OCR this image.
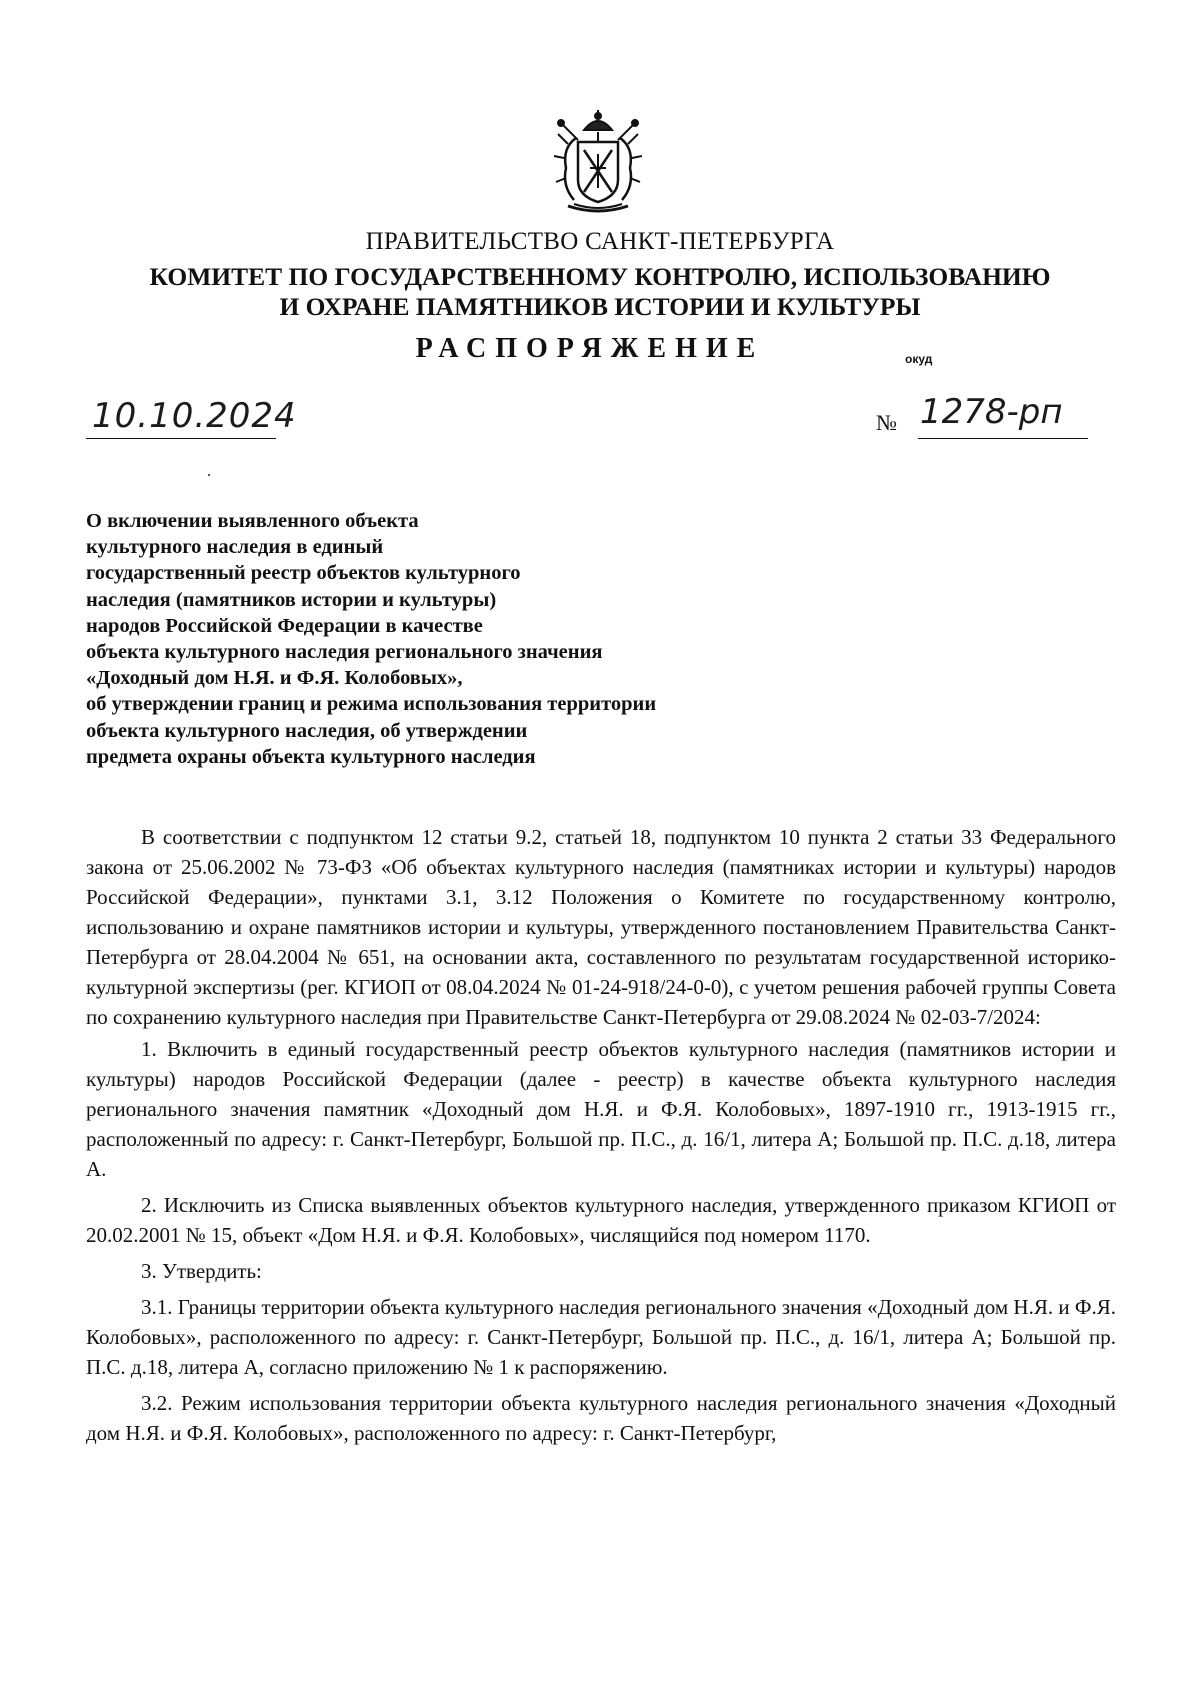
ПРАВИТЕЛЬСТВО САНКТ-ПЕТЕРБУРГА
КОМИТЕТ ПО ГОСУДАРСТВЕННОМУ КОНТРОЛЮ, ИСПОЛЬЗОВАНИЮ
И ОХРАНЕ ПАМЯТНИКОВ ИСТОРИИ И КУЛЬТУРЫ
РАСПОРЯЖЕНИЕ	окуд
10.10.2024	№ 1278-рп
О включении выявленного объекта
культурного наследия в единый
государственный реестр объектов культурного
наследия (памятников истории и культуры)
народов Российской Федерации в качестве
объекта культурного наследия регионального значения
«Доходный дом Н.Я. и Ф.Я. Колобовых»,
об утверждении границ и режима использования территории
объекта культурного наследия, об утверждении
предмета охраны объекта культурного наследия

В соответствии с подпунктом 12 статьи 9.2, статьей 18, подпунктом 10 пункта 2 статьи 33 Федерального закона от 25.06.2002 № 73-ФЗ «Об объектах культурного наследия (памятниках истории и культуры) народов Российской Федерации», пунктами 3.1, 3.12 Положения о Комитете по государственному контролю, использованию и охране памятников истории и культуры, утвержденного постановлением Правительства Санкт-Петербурга от 28.04.2004 № 651, на основании акта, составленного по результатам государственной историко-культурной экспертизы (рег. КГИОП от 08.04.2024 № 01-24-918/24-0-0), с учетом решения рабочей группы Совета по сохранению культурного наследия при Правительстве Санкт-Петербурга от 29.08.2024 № 02-03-7/2024:

1. Включить в единый государственный реестр объектов культурного наследия (памятников истории и культуры) народов Российской Федерации (далее - реестр) в качестве объекта культурного наследия регионального значения памятник «Доходный дом Н.Я. и Ф.Я. Колобовых», 1897-1910 гг., 1913-1915 гг., расположенный по адресу: г. Санкт-Петербург, Большой пр. П.С., д. 16/1, литера А; Большой пр. П.С. д.18, литера А.

2. Исключить из Списка выявленных объектов культурного наследия, утвержденного приказом КГИОП от 20.02.2001 № 15, объект «Дом Н.Я. и Ф.Я. Колобовых», числящийся под номером 1170.

3. Утвердить:

3.1. Границы территории объекта культурного наследия регионального значения «Доходный дом Н.Я. и Ф.Я. Колобовых», расположенного по адресу: г. Санкт-Петербург, Большой пр. П.С., д. 16/1, литера А; Большой пр. П.С. д.18, литера А, согласно приложению № 1 к распоряжению.

3.2. Режим использования территории объекта культурного наследия регионального значения «Доходный дом Н.Я. и Ф.Я. Колобовых», расположенного по адресу: г. Санкт-Петербург,
